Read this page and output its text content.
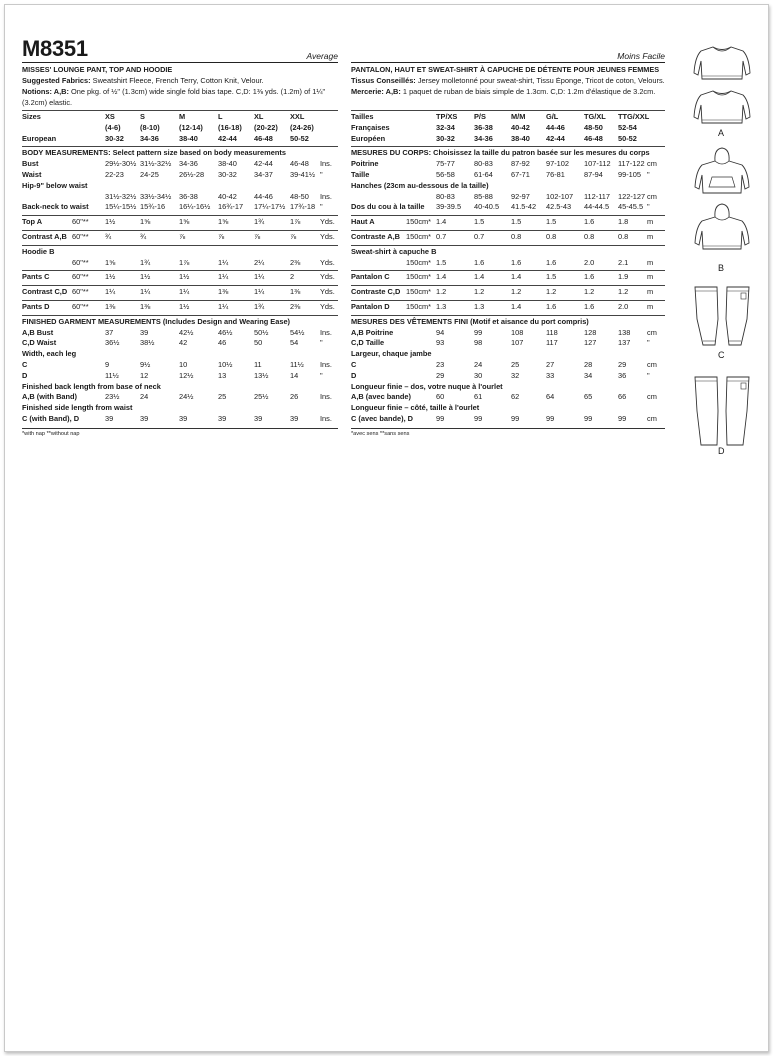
M8351	Average
MISSES' LOUNGE PANT, TOP AND HOODIE
Suggested Fabrics: Sweatshirt Fleece, French Terry, Cotton Knit, Velour.
Notions: A,B: One pkg. of ½" (1.3cm) wide single fold bias tape. C,D: 1⅜ yds. (1.2m) of 1¼"
(3.2cm) elastic.
Sizes	XS	S	M	L	XL	XXL
(4-6)	(8-10)	(12-14) (16-18) (20-22) (24-26)
European	30-32 34-36	38-40	42-44 46-48 50-52
BODY MEASUREMENTS: Select pattern size based on body measurements
Bust	29½-30½ 31½-32½ 34-36	38-40 42-44 46-48 Ins.
Waist	22-23 24-25	26½-28 30-32 34-37 39-41½ "
Hip-9" below waist
31½-32½ 33½-34½ 36-38	40-42 44-46 48-50 Ins.
Back-neck to waist 15¼-15½ 15¾-16 16¼-16½ 16¾-17 17¼-17½ 17¾-18 "
Top A	60"** 1½	1⅝	1⅝	1⅝	1¾	1⅞	Yds.
Contrast A,B 60"** ¾	¾	⅞	⅞	⅞	⅞	Yds.
Hoodie B
60"** 1⅝	1¾	1⅞	1¼	2¼	2⅜	Yds.
Pants C	60"** 1½	1½	1½	1¼	1¼	2	Yds.
Contrast C,D 60"** 1¼	1¼	1¼	1⅜	1¼	1⅜	Yds.
Pants D	60"** 1⅜	1⅜	1½	1¼	1¾	2⅜	Yds.
FINISHED GARMENT MEASUREMENTS (Includes Design and Wearing Ease)
A,B Bust	37	39	42½	46½	50½	54½ Ins.
C,D Waist	36½	38½	42	46	50	54	"
Width, each leg
C	9	9½	10	10½	11	11½ Ins.
D	11½	12	12½	13	13½	14	"
Finished back length from base of neck
A,B (with Band)	23½	24	24½	25	25½	26	Ins.
Finished side length from waist
C (with Band), D	39	39	39	39	39	39	Ins.
*with nap **without nap
Moins Facile
PANTALON, HAUT ET SWEAT-SHIRT À CAPUCHE DE DÉTENTE POUR JEUNES FEMMES
Tissus Conseillés: Jersey molletonné pour sweat-shirt, Tissu Éponge, Tricot de coton, Velours.
Mercerie: A,B: 1 paquet de ruban de biais simple de 1.3cm. C,D: 1.2m d'élastique de 3.2cm.
Tailles	TP/XS P/S	M/M	G/L	TG/XL TTG/XXL
Françaises	32-34	36-38 40-42 44-46	48-50 52-54
Européen	30-32	34-36 38-40 42-44	46-48 50-52
MESURES DU CORPS: Choisissez la taille du patron basée sur les mesures du corps
Poitrine	75-77	80-83 87-92 97-102 107-112 117-122 cm
Taille	56-58	61-64 67-71 76-81	87-94 99-105 "
Hanches (23cm au-dessous de la taille)
80-83	85-88 92-97 102-107 112-117 122-127 cm
Dos du cou à la taille 39-39.5 40-40.5 41.5-42 42.5-43 44-44.5 45-45.5 "
Haut A	150cm* 1.4	1.5	1.5	1.5	1.6	1.8	m
Contraste A,B 150cm* 0.7	0.7	0.8	0.8	0.8	0.8	m
Sweat-shirt à capuche B
150cm* 1.5	1.6	1.6	1.6	2.0	2.1	m
Pantalon C 150cm* 1.4	1.4	1.4	1.5	1.6	1.9	m
Contraste C,D 150cm* 1.2	1.2	1.2	1.2	1.2	1.2	m
Pantalon D 150cm* 1.3	1.3	1.4	1.6	1.6	2.0	m
MESURES DES VÊTEMENTS FINI (Motif et aisance du port compris)
A,B Poitrine	94	99	108	118	128	138 cm
C,D Taille	93	98	107	117	127	137 "
Largeur, chaque jambe
C	23	24	25	27	28	29	cm
D	29	30	32	33	34	36	"
Longueur finie – dos, votre nuque à l'ourlet
A,B (avec bande)	60	61	62	64	65	66	cm
Longueur finie – côté, taille à l'ourlet
C (avec bande), D	99	99	99	99	99	99	cm
*avec sens **sans sens
A
B
C
D
